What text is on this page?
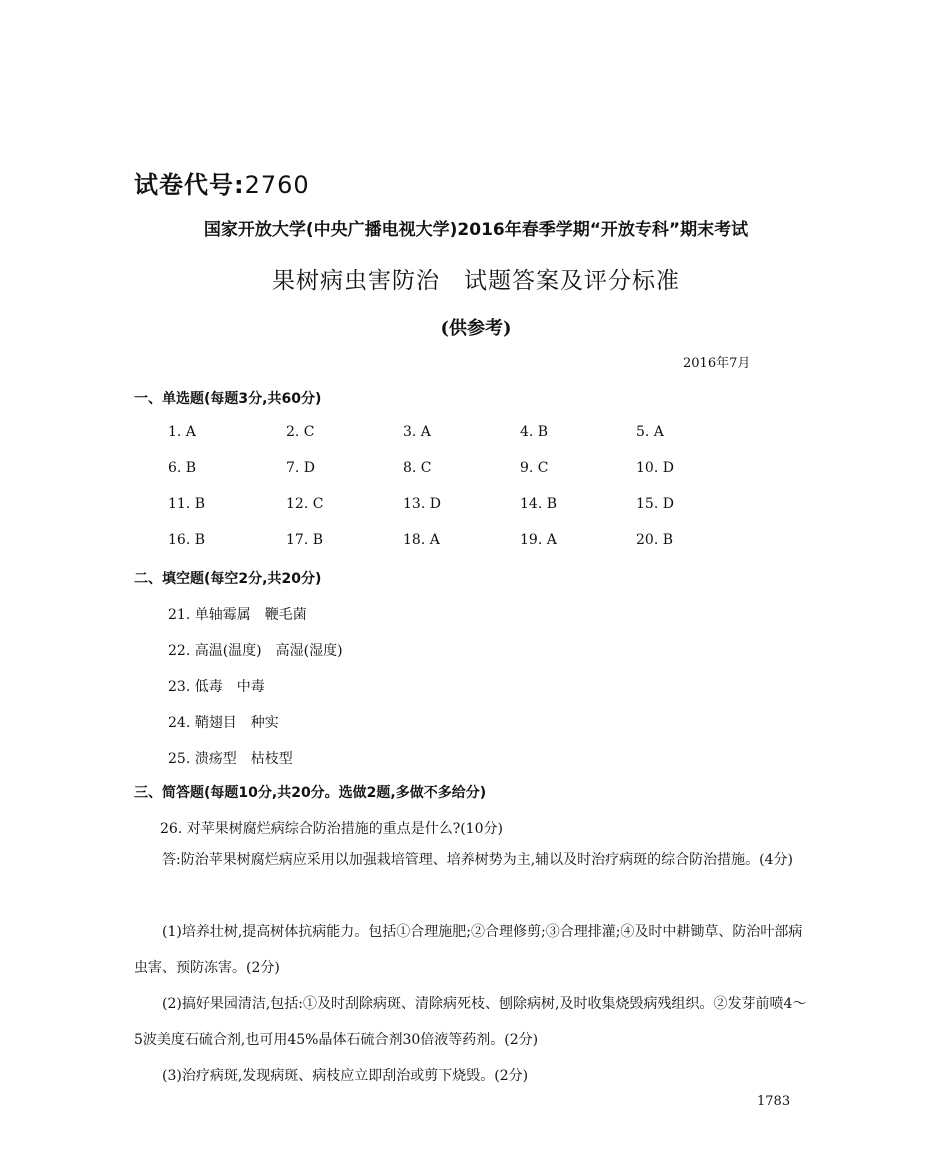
试卷代号:2760
国家开放大学(中央广播电视大学)2016年春季学期“开放专科”期末考试
果树病虫害防治　试题答案及评分标准
(供参考)
2016年7月
一、单选题(每题3分,共60分)
1. A	2. C	3. A	4. B	5. A
6. B	7. D	8. C	9. C	10. D
11. B	12. C	13. D	14. B	15. D
16. B	17. B	18. A	19. A	20. B
二、填空题(每空2分,共20分)
21. 单轴霉属　鞭毛菌
22. 高温(温度)　高湿(湿度)
23. 低毒　中毒
24. 鞘翅目　种实
25. 溃疡型　枯枝型
三、简答题(每题10分,共20分。选做2题,多做不多给分)
26. 对苹果树腐烂病综合防治措施的重点是什么?(10分)
答:防治苹果树腐烂病应采用以加强栽培管理、培养树势为主,辅以及时治疗病斑的综合防治措施。(4分)
(1)培养壮树,提高树体抗病能力。包括①合理施肥;②合理修剪;③合理排灌;④及时中耕锄草、防治叶部病虫害、预防冻害。(2分)
(2)搞好果园清洁,包括:①及时刮除病斑、清除病死枝、刨除病树,及时收集烧毁病残组织。②发芽前喷4～5波美度石硫合剂,也可用45%晶体石硫合剂30倍液等药剂。(2分)
(3)治疗病斑,发现病斑、病枝应立即刮治或剪下烧毁。(2分)
1783
